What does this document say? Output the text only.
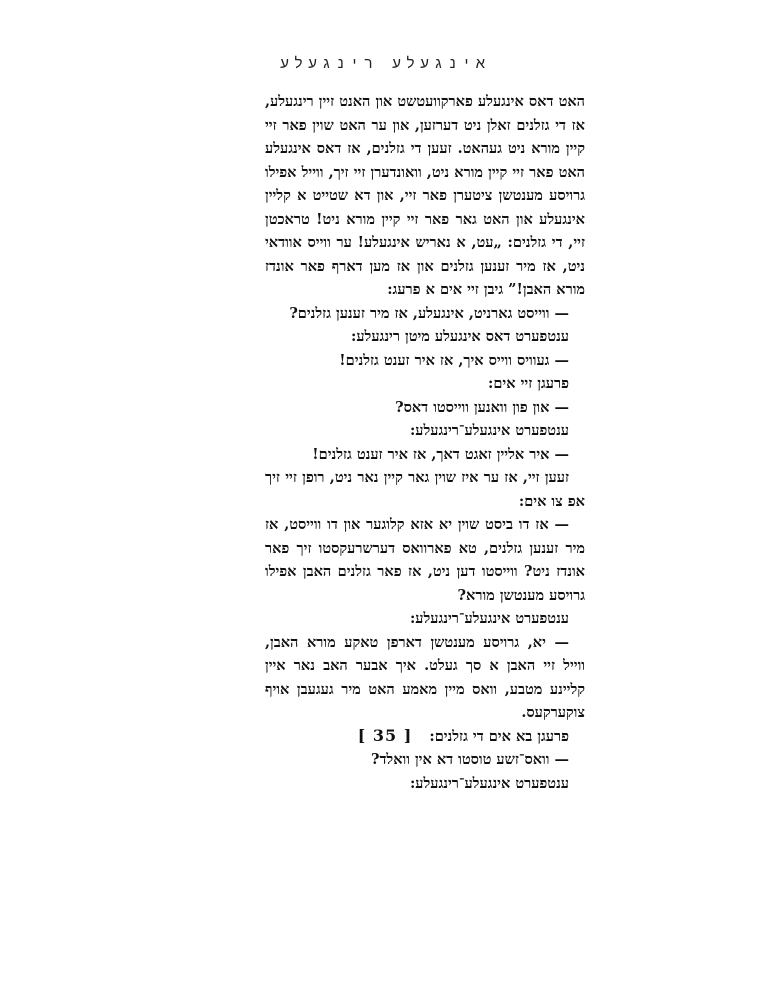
אינגעלע רינגעלע

האט דאס אינגעלע פארקוועטשט און האנט זיין רינגעלע, אז די גזלנים זאלן ניט דערזען, און ער האט שוין פאר זיי קיין מורא ניט געהאט. זעען די גזלנים, אז דאס אינגעלע האט פאר זיי קיין מורא ניט, וואונדערן זיי זיך, ווייל אפילו גרויסע מענטשן ציטערן פאר זיי, און דא שטייט א קליין אינגעלע און האט גאר פאר זיי קיין מורא ניט! טראכטן זיי, די גזלנים: „עט, א נאריש אינגעלע! ער ווייס אוודאי ניט, אז מיר זענען גזלנים און אז מען דארף פאר אונדז מורא האבן!” גיבן זיי אים א פרעג:

— ווייסט גארניט, אינגעלע, אז מיר זענען גזלנים?

ענטפערט דאס אינגעלע מיטן רינגעלע:

— געוויס ווייס איך, אז איר זענט גזלנים!

פרעגן זיי אים:

— און פון וואנען ווייסטו דאס?

ענטפערט אינגעלע־רינגעלע:

— איר אליין זאגט דאך, אז איר זענט גזלנים!

זעען זיי, אז ער איז שוין גאר קיין נאר ניט, רופן זיי זיך אפ צו אים:

— אז דו ביסט שוין יא אזא קלוגער און דו ווייסט, אז מיר זענען גזלנים, טא פארוואס דערשרעקסטו זיך פאר אונדז ניט? ווייסטו דען ניט, אז פאר גזלנים האבן אפילו גרויסע מענטשן מורא?

ענטפערט אינגעלע־רינגעלע:

— יא, גרויסע מענטשן דארפן טאקע מורא האבן, ווייל זיי האבן א סך געלט. איך אבער האב נאר איין קליינע מטבע, וואס מיין מאמע האט מיר געגעבן אויף צוקערקעס.

פרעגן בא אים די גזלנים:

— וואס־זשע טוסטו דא אין וואלד?

ענטפערט אינגעלע־רינגעלע:

[ 35 ]
